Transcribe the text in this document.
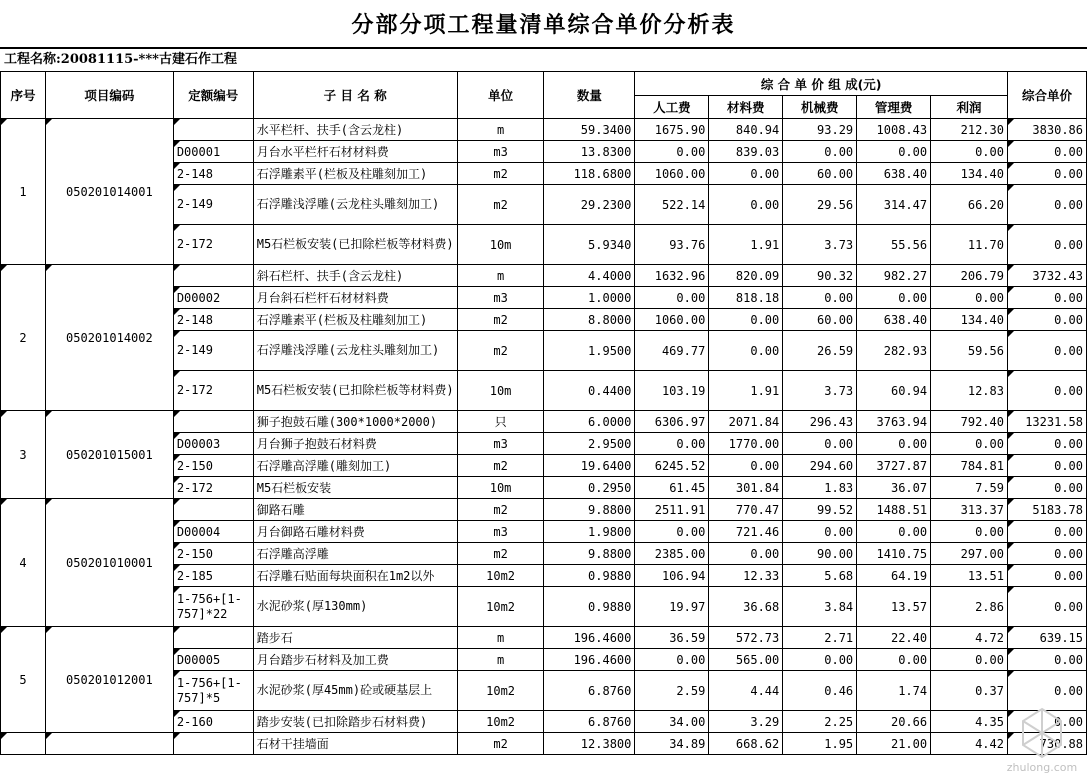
分部分项工程量清单综合单价分析表
工程名称:20081115-***古建石作工程
序号	项目编码	定额编号	子 目 名 称	单位	数量	综 合 单 价 组 成(元)					综合单价
						人工费	材料费	机械费	管理费	利润	
1	050201014001		水平栏杆、扶手(含云龙柱)	m	59.3400	1675.90	840.94	93.29	1008.43	212.30	3830.86
		D00001	月台水平栏杆石材材料费	m3	13.8300	0.00	839.03	0.00	0.00	0.00	0.00
		2-148	石浮雕素平(栏板及柱雕刻加工)	m2	118.6800	1060.00	0.00	60.00	638.40	134.40	0.00
		2-149	石浮雕浅浮雕(云龙柱头雕刻加工)	m2	29.2300	522.14	0.00	29.56	314.47	66.20	0.00
		2-172	M5石栏板安装(已扣除栏板等材料费)	10m	5.9340	93.76	1.91	3.73	55.56	11.70	0.00
2	050201014002		斜石栏杆、扶手(含云龙柱)	m	4.4000	1632.96	820.09	90.32	982.27	206.79	3732.43
		D00002	月台斜石栏杆石材材料费	m3	1.0000	0.00	818.18	0.00	0.00	0.00	0.00
		2-148	石浮雕素平(栏板及柱雕刻加工)	m2	8.8000	1060.00	0.00	60.00	638.40	134.40	0.00
		2-149	石浮雕浅浮雕(云龙柱头雕刻加工)	m2	1.9500	469.77	0.00	26.59	282.93	59.56	0.00
		2-172	M5石栏板安装(已扣除栏板等材料费)	10m	0.4400	103.19	1.91	3.73	60.94	12.83	0.00
3	050201015001		狮子抱鼓石雕(300*1000*2000)	只	6.0000	6306.97	2071.84	296.43	3763.94	792.40	13231.58
		D00003	月台狮子抱鼓石材料费	m3	2.9500	0.00	1770.00	0.00	0.00	0.00	0.00
		2-150	石浮雕高浮雕(雕刻加工)	m2	19.6400	6245.52	0.00	294.60	3727.87	784.81	0.00
		2-172	M5石栏板安装	10m	0.2950	61.45	301.84	1.83	36.07	7.59	0.00
4	050201010001		御路石雕	m2	9.8800	2511.91	770.47	99.52	1488.51	313.37	5183.78
		D00004	月台御路石雕材料费	m3	1.9800	0.00	721.46	0.00	0.00	0.00	0.00
		2-150	石浮雕高浮雕	m2	9.8800	2385.00	0.00	90.00	1410.75	297.00	0.00
		2-185	石浮雕石贴面每块面积在1m2以外	10m2	0.9880	106.94	12.33	5.68	64.19	13.51	0.00
		1-756+[1-757]*22	水泥砂浆(厚130mm)	10m2	0.9880	19.97	36.68	3.84	13.57	2.86	0.00
5	050201012001		踏步石	m	196.4600	36.59	572.73	2.71	22.40	4.72	639.15
		D00005	月台踏步石材料及加工费	m	196.4600	0.00	565.00	0.00	0.00	0.00	0.00
		1-756+[1-757]*5	水泥砂浆(厚45mm)砼或硬基层上	10m2	6.8760	2.59	4.44	0.46	1.74	0.37	0.00
		2-160	踏步安装(已扣除踏步石材料费)	10m2	6.8760	34.00	3.29	2.25	20.66	4.35	0.00
			石材干挂墙面	m2	12.3800	34.89	668.62	1.95	21.00	4.42	730.88
zhulong.com
